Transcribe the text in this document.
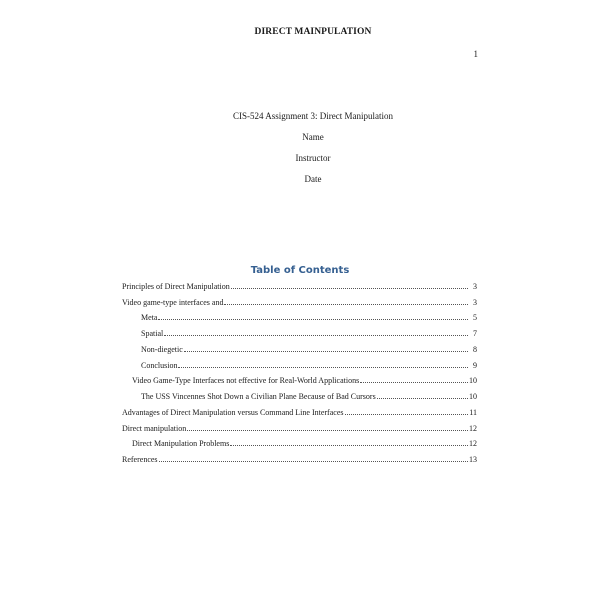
DIRECT MAINPULATION
1
CIS-524 Assignment 3: Direct Manipulation
Name
Instructor
Date
Table of Contents
Principles of Direct Manipulation	3
Video game-type interfaces and	3
Meta	5
Spatial	7
Non-diegetic	8
Conclusion	9
Video Game-Type Interfaces not effective for Real-World Applications	10
The USS Vincennes Shot Down a Civilian Plane Because of Bad Cursors	10
Advantages of Direct Manipulation versus Command Line Interfaces	11
Direct manipulation	12
Direct Manipulation Problems	12
References	13
